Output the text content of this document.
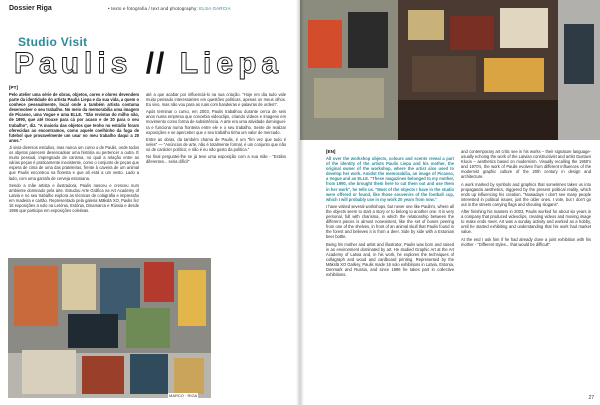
Dossier Riga	• texto e fotografia / text and photography: ELSA GARCIA
Studio Visit
Paulis // Liepa
[PT]

Pelo atelier uma série de obras, objetos, cores e olores devendem parte da identidade do artista Paulis Liepa e da sua vida, a quem o conhece pessoalmente, local onde a também artista costuma desenvolver o seu trabalho. No meio da memorabilia uma imagem de Picasso, uma Vogue e uma ELLE. "São revistas do milho não, de 1990, que até trouxe para cá por acaso e de 20 para o seu trabalho", diz. "A maioria das objetos que tenho no estúdio foram oferecidas ao encontramos, como aquele coelhinho da fuga de futebol que provavelmente um usar no meu trabalho daqui a 20 anos."

Ji vivia diversos estúdios, mas nunca um como o de Paulis, onde todos os objetos parecem desencadear uma história ou pertencer a outra. É muito pessoal, impregnado de carisma, no qual a relação entre as várias peças é praticamente inexistente, como o conjunto de peças que espera de cima de uma das prateleiras, frente à caveira de um animal que Paulis encontrou na floresta e que ali está a um vesto. Lado a lado, com uma garrafa de cerveja estoniana.

Sendo a mãe artista e ilustradora, Paulis nasceu e cresceu num ambiente dominado pela arte. Estudou Arte Gráfica na Art Academy of Latvia e no seu trabalho explora as técnicas de colagrafia e impressão em madeira e cartão. Representado pela galeria Mākslā XO, Paulis fez 16 exposições a solo na Letónia, Estónia, Dinamarca e Rússia e desde 1996 que participa em exposições coletivas.

até a que acabar por influenciá-lo na sua criação. "Hoje em dia tudo vale muito pensado interessantes em questões políticas, apenas os meus olhos. Eu vivo, mas não vou para as ruas com bandeiras e palavras de ordem".

Após terminar o curso, em 2003, Paulis trabalhou durante cerca de seis anos numa empresa que concebia videoclips, criando vídeos e imagens em movimento como forma de subsistência. A arte era uma atividade dominguei-ra e funciona numa fronteira entre ele e o seu trabalho. Sente de realizar exposições e se aperceber que o seu trabalho tinha um valor de mercado.

Entre as obras, da também chama de Paulis, é um "fim vez que tudo é neles" — "Anúncios de arte, não é totalmente formal, é um conjunto que não só de carácter político; e não é eu não gosto da política."

No final perguntei-lhe se já teve uma exposição com a sua mãe - "Estilos diferentes... seria difícil"

MARCO · RIGA
[EN]

All over the workshop objects, colours and scents reveal a part of the identity of the artists Paulis Liepa and his mother, the original owner of the workshop, where the artist also used to develop her work. Amidst the memorabilia, an image of Picasso, a Vogue and an ELLE. "These magazines belonged to my mother, from 1990, she brought them here to cut them out and use them in her work", he tells us. "Most of the objects I have in the studio were offered or found, like those souvenirs of the football cup, which I will probably use in my work 20 years from now."

I have visited several workshops, but never one like Paulis's, where all the objects seem to start a story or to belong to another one. It is very personal, full with charisma, in which the relationship between the different pieces is almost nonexistent, like the set of bones peering from one of the shelves, in front of an animal skull that Paulis found in the forest and believes it is from a deer. Side by side with a Estonian beer bottle.

Being his mother and artist and illustrator, Paulis was born and raised in an environment dominated by art. He studied Graphic Art at the Art Academy of Latvia and, in his work, he explores the techniques of collagraph and wood and cardboard printing. Represented by the Mākslā XO Gallery, Paulis made 16 solo exhibitions in Latvia, Estonia, Denmark and Russia, and since 1996 he takes part in collective exhibitions.

and contemporary art critic see in his works – their signature language-usually echoing the work of the Latvian constructivist and artist Gustavs Klucis – aesthetics based on modernism. Visually recalling the 1960's and 1970's, the work of Paulis evolves from different influences of the modernist graphic culture of the 20th century in design and architecture.

A work marked by symbols and graphics that sometimes takes us into propaganda aesthetics, triggered by the present political reality, which ends up influencing his creation. "Nowadays I don't see many people interested in political issues, just the older ones. I vote, but I don't go out in the streets carrying flags and shouting slogans".

After finishing his masters in 2003, Paulis worked for about six years in a company that produced videoclips, creating videos and moving image to make ends meet. Art was a sunday activity and worked as a hobby, until he started exhibiting and understanding that his work had market value.

At the end I ask him if he had already done a joint exhibition with his mother - "Different styles... that would be difficult".

27
